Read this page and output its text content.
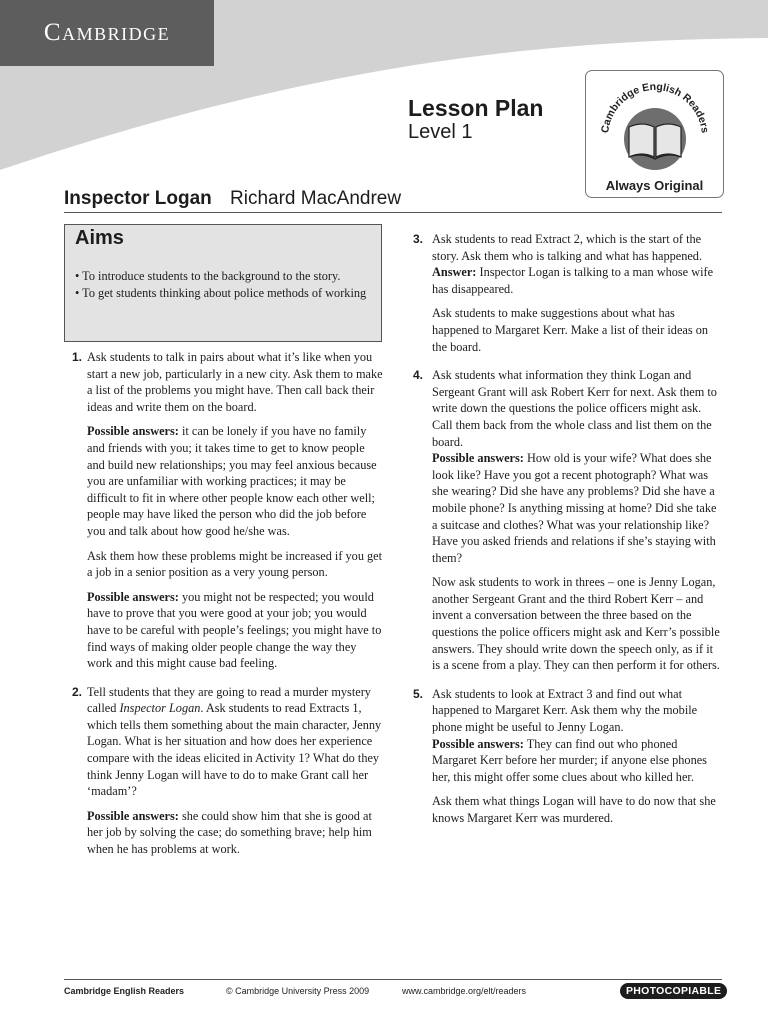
Cambridge
Lesson Plan
Level 1	Cambridge English Readers
Always Original
Inspector Logan Richard MacAndrew
Aims
• To introduce students to the background to the story.
• To get students thinking about police methods of working
1. Ask students to talk in pairs about what it’s like when you start a new job, particularly in a new city. Ask them to make a list of the problems you might have. Then call back their ideas and write them on the board.

Possible answers: it can be lonely if you have no family and friends with you; it takes time to get to know people and build new relationships; you may feel anxious because you are unfamiliar with working practices; it may be difficult to fit in where other people know each other well; people may have liked the person who did the job before you and talk about how good he/she was.

Ask them how these problems might be increased if you get a job in a senior position as a very young person.

Possible answers: you might not be respected; you would have to prove that you were good at your job; you would have to be careful with people’s feelings; you might have to find ways of making older people change the way they work and this might cause bad feeling.

2. Tell students that they are going to read a murder mystery called Inspector Logan. Ask students to read Extracts 1, which tells them something about the main character, Jenny Logan. What is her situation and how does her experience compare with the ideas elicited in Activity 1? What do they think Jenny Logan will have to do to make Grant call her ‘madam’?

Possible answers: she could show him that she is good at her job by solving the case; do something brave; help him when he has problems at work.

3. Ask students to read Extract 2, which is the start of the story. Ask them who is talking and what has happened.

Answer: Inspector Logan is talking to a man whose wife has disappeared.

Ask students to make suggestions about what has happened to Margaret Kerr. Make a list of their ideas on the board.

4. Ask students what information they think Logan and Sergeant Grant will ask Robert Kerr for next. Ask them to write down the questions the police officers might ask. Call them back from the whole class and list them on the board.

Possible answers: How old is your wife? What does she look like? Have you got a recent photograph? What was she wearing? Did she have any problems? Did she have a mobile phone? Is anything missing at home? Did she take a suitcase and clothes? What was your relationship like? Have you asked friends and relations if she’s staying with them?

Now ask students to work in threes – one is Jenny Logan, another Sergeant Grant and the third Robert Kerr – and invent a conversation between the three based on the questions the police officers might ask and Kerr’s possible answers. They should write down the speech only, as if it is a scene from a play. They can then perform it for others.

5. Ask students to look at Extract 3 and find out what happened to Margaret Kerr. Ask them why the mobile phone might be useful to Jenny Logan.

Possible answers: They can find out who phoned Margaret Kerr before her murder; if anyone else phones her, this might offer some clues about who killed her.

Ask them what things Logan will have to do now that she knows Margaret Kerr was murdered.

Cambridge English Readers	© Cambridge University Press 2009	www.cambridge.org/elt/readers	PHOTOCOPIABLE
